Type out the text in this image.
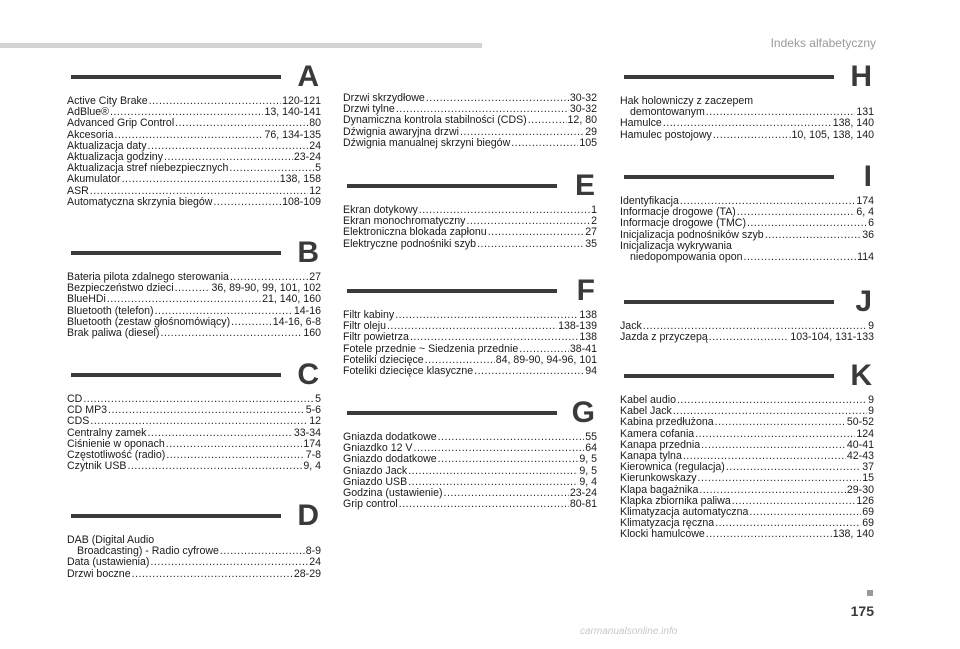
Indeks alfabetyczny
A
Active City Brake .....	120-121
AdBlue® .....	13, 140-141
Advanced Grip Control .....	80
Akcesoria .....	76, 134-135
Aktualizacja daty .....	24
Aktualizacja godziny .....	23-24
Aktualizacja stref niebezpiecznych .....	5
Akumulator .....	138, 158
ASR .....	12
Automatyczna skrzynia biegów .....	108-109
B
Bateria pilota zdalnego sterowania .....	27
Bezpieczeństwo dzieci .....	36, 89-90, 99, 101, 102
BlueHDi .....	21, 140, 160
Bluetooth (telefon) .....	14-16
Bluetooth (zestaw głośnomówiący) .....	14-16, 6-8
Brak paliwa (diesel) .....	160
C
CD .....	5
CD MP3 .....	5-6
CDS .....	12
Centralny zamek .....	33-34
Ciśnienie w oponach .....	174
Częstotliwość (radio) .....	7-8
Czytnik USB .....	9, 4
D
DAB (Digital Audio
Broadcasting) - Radio cyfrowe .....	8-9
Data (ustawienia) .....	24
Drzwi boczne .....	28-29
Drzwi skrzydłowe .....	30-32
Drzwi tylne .....	30-32
Dynamiczna kontrola stabilności (CDS) .....	12, 80
Dźwignia awaryjna drzwi .....	29
Dźwignia manualnej skrzyni biegów .....	105
E
Ekran dotykowy .....	1
Ekran monochromatyczny .....	2
Elektroniczna blokada zapłonu .....	27
Elektryczne podnośniki szyb .....	35
F
Filtr kabiny .....	138
Filtr oleju .....	138-139
Filtr powietrza .....	138
Fotele przednie ~ Siedzenia przednie .....	38-41
Foteliki dziecięce .....	84, 89-90, 94-96, 101
Foteliki dziecięce klasyczne .....	94
G
Gniazda dodatkowe .....	55
Gniazdko 12 V .....	64
Gniazdo dodatkowe .....	9, 5
Gniazdo Jack .....	9, 5
Gniazdo USB .....	9, 4
Godzina (ustawienie) .....	23-24
Grip control .....	80-81
H
Hak holowniczy z zaczepem
demontowanym .....	131
Hamulce .....	138, 140
Hamulec postojowy .....	10, 105, 138, 140
I
Identyfikacja .....	174
Informacje drogowe (TA) .....	6, 4
Informacje drogowe (TMC) .....	6
Inicjalizacja podnośników szyb .....	36
Inicjalizacja wykrywania
niedopompowania opon .....	114
J
Jack .....	9
Jazda z przyczepą .....	103-104, 131-133
K
Kabel audio .....	9
Kabel Jack .....	9
Kabina przedłużona .....	50-52
Kamera cofania .....	124
Kanapa przednia .....	40-41
Kanapa tylna .....	42-43
Kierownica (regulacja) .....	37
Kierunkowskazy .....	15
Klapa bagażnika .....	29-30
Klapka zbiornika paliwa .....	126
Klimatyzacja automatyczna .....	69
Klimatyzacja ręczna .....	69
Klocki hamulcowe .....	138, 140
175
carmanualsonline.info
